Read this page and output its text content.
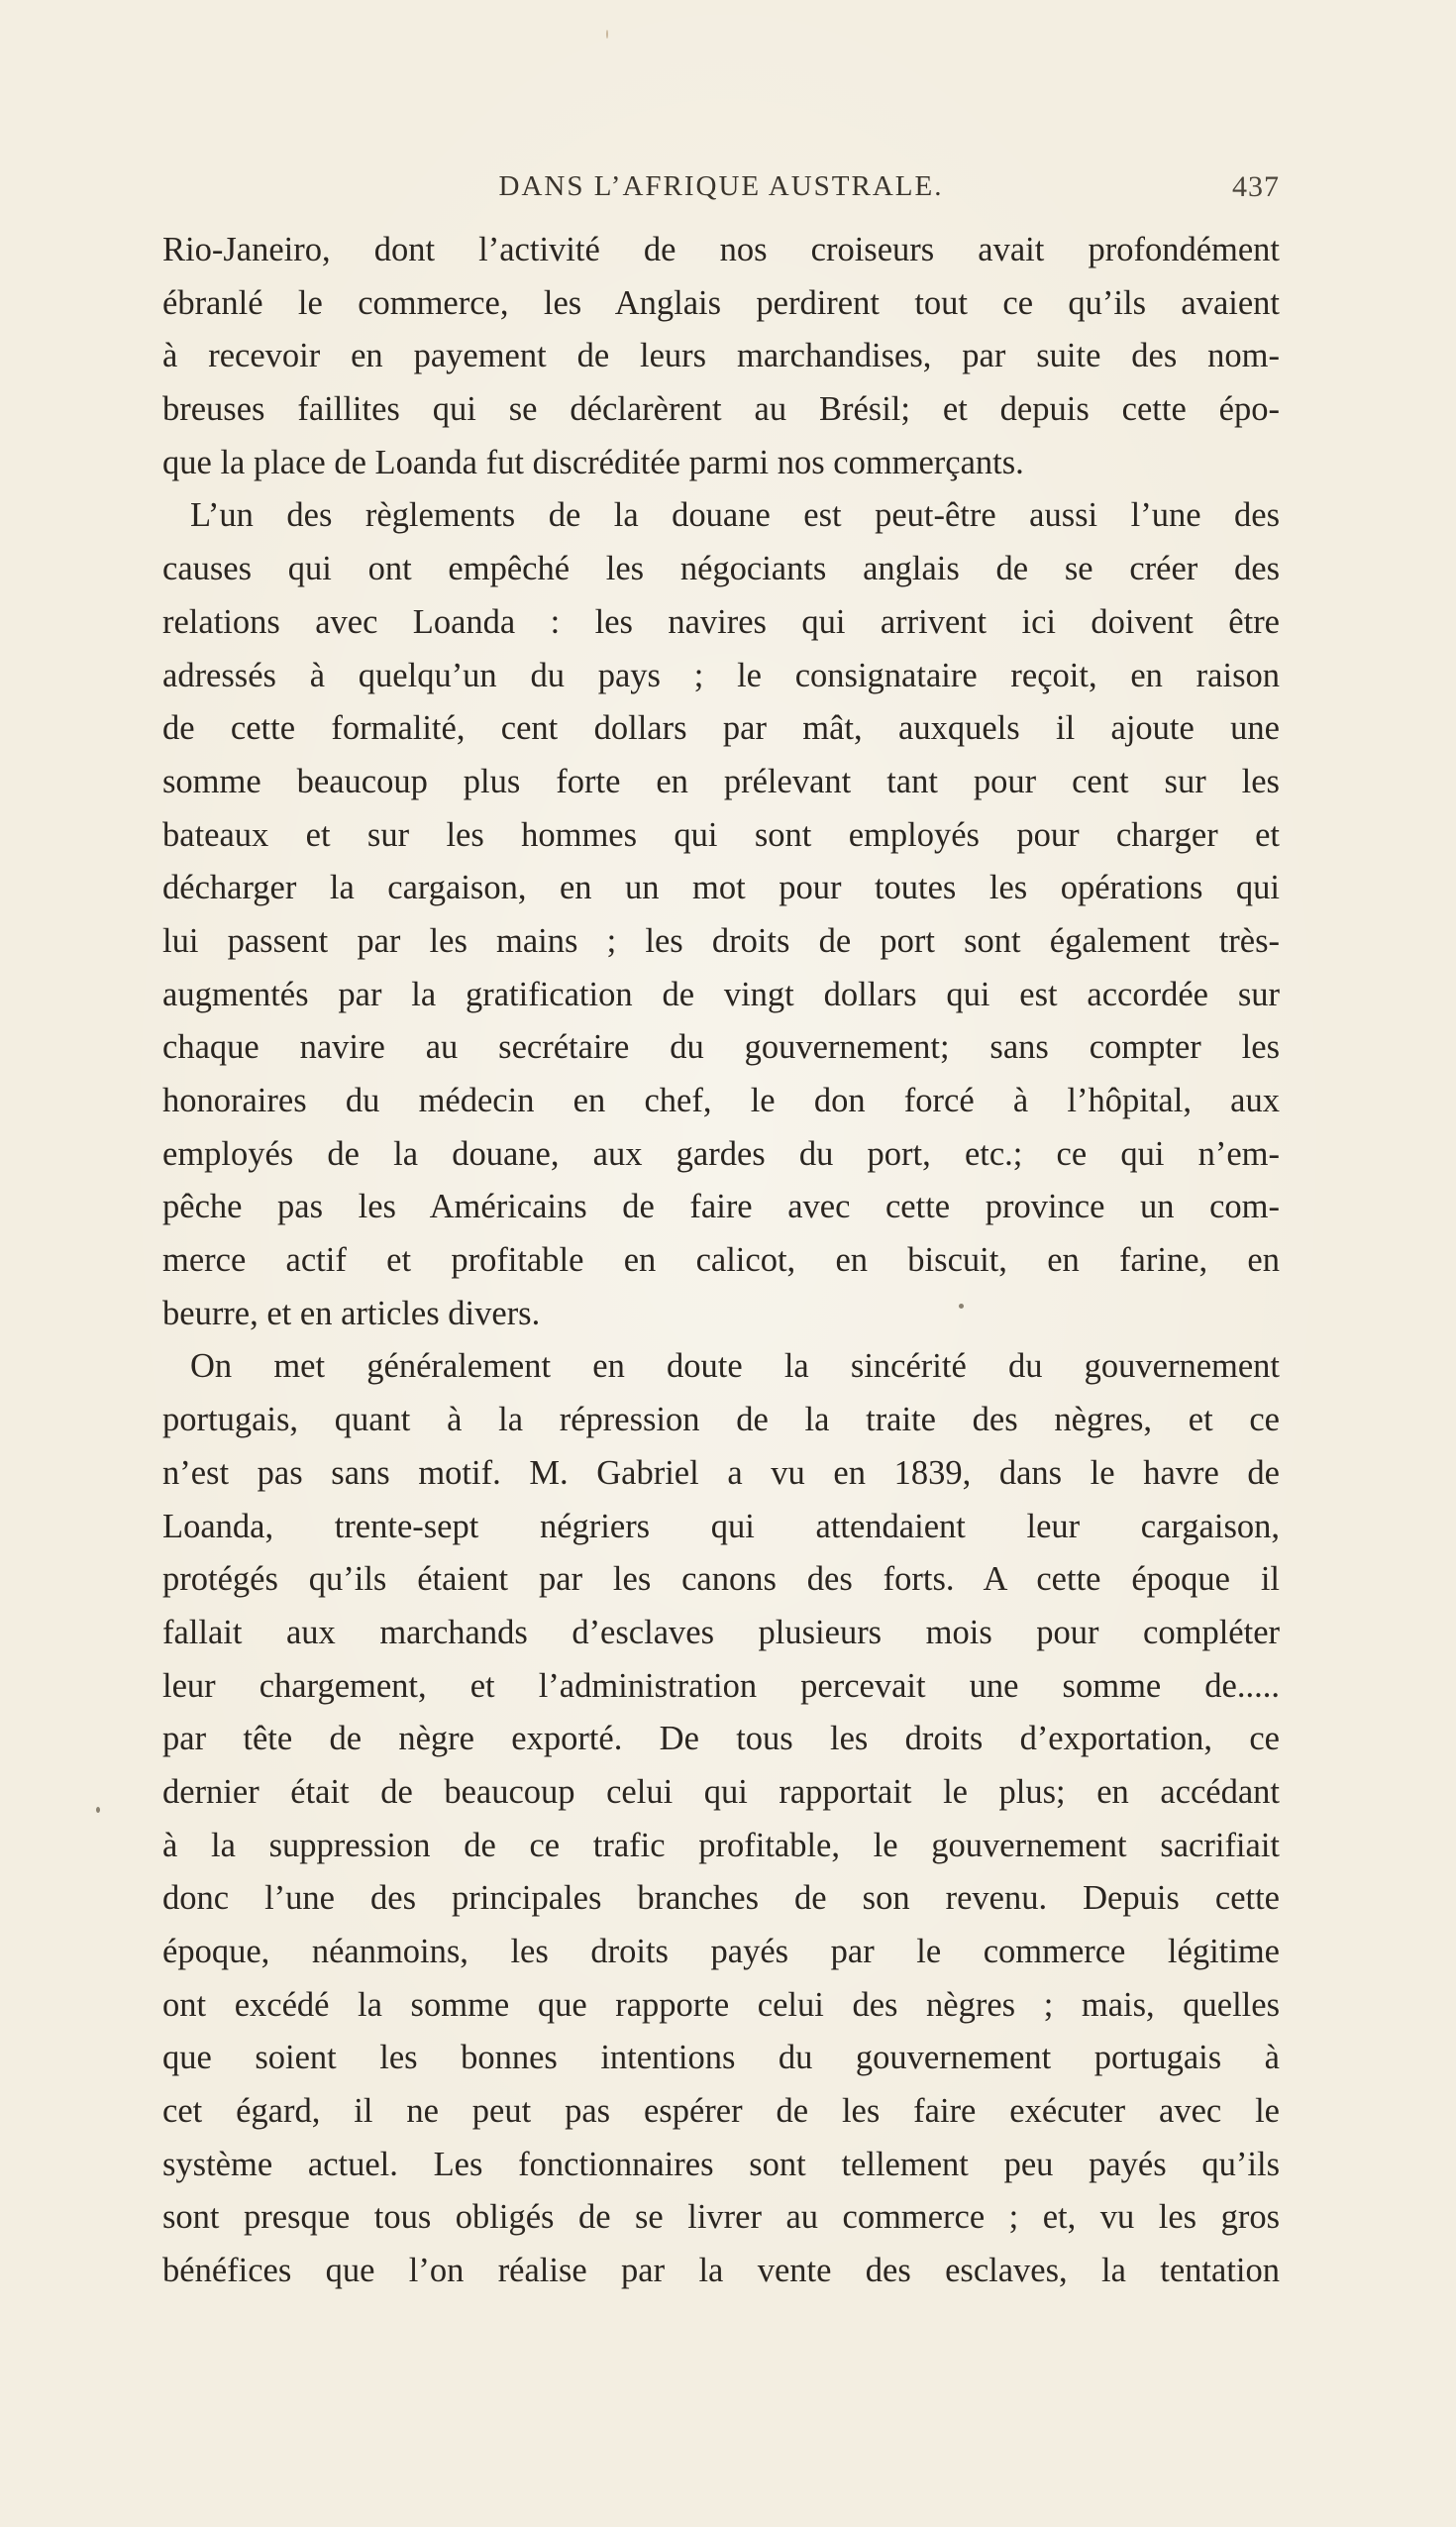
DANS L’AFRIQUE AUSTRALE.	437
Rio-Janeiro, dont l’activité de nos croiseurs avait profondément
ébranlé le commerce, les Anglais perdirent tout ce qu’ils avaient
à recevoir en payement de leurs marchandises, par suite des nom-
breuses faillites qui se déclarèrent au Brésil; et depuis cette épo-
que la place de Loanda fut discréditée parmi nos commerçants.
L’un des règlements de la douane est peut-être aussi l’une des
causes qui ont empêché les négociants anglais de se créer des
relations avec Loanda : les navires qui arrivent ici doivent être
adressés à quelqu’un du pays ; le consignataire reçoit, en raison
de cette formalité, cent dollars par mât, auxquels il ajoute une
somme beaucoup plus forte en prélevant tant pour cent sur les
bateaux et sur les hommes qui sont employés pour charger et
décharger la cargaison, en un mot pour toutes les opérations qui
lui passent par les mains ; les droits de port sont également très-
augmentés par la gratification de vingt dollars qui est accordée sur
chaque navire au secrétaire du gouvernement; sans compter les
honoraires du médecin en chef, le don forcé à l’hôpital, aux
employés de la douane, aux gardes du port, etc.; ce qui n’em-
pêche pas les Américains de faire avec cette province un com-
merce actif et profitable en calicot, en biscuit, en farine, en
beurre, et en articles divers.
On met généralement en doute la sincérité du gouvernement
portugais, quant à la répression de la traite des nègres, et ce
n’est pas sans motif. M. Gabriel a vu en 1839, dans le havre de
Loanda, trente-sept négriers qui attendaient leur cargaison,
protégés qu’ils étaient par les canons des forts. A cette époque il
fallait aux marchands d’esclaves plusieurs mois pour compléter
leur chargement, et l’administration percevait une somme de.....
par tête de nègre exporté. De tous les droits d’exportation, ce
dernier était de beaucoup celui qui rapportait le plus; en accédant
à la suppression de ce trafic profitable, le gouvernement sacrifiait
donc l’une des principales branches de son revenu. Depuis cette
époque, néanmoins, les droits payés par le commerce légitime
ont excédé la somme que rapporte celui des nègres ; mais, quelles
que soient les bonnes intentions du gouvernement portugais à
cet égard, il ne peut pas espérer de les faire exécuter avec le
système actuel. Les fonctionnaires sont tellement peu payés qu’ils
sont presque tous obligés de se livrer au commerce ; et, vu les gros
bénéfices que l’on réalise par la vente des esclaves, la tentation
